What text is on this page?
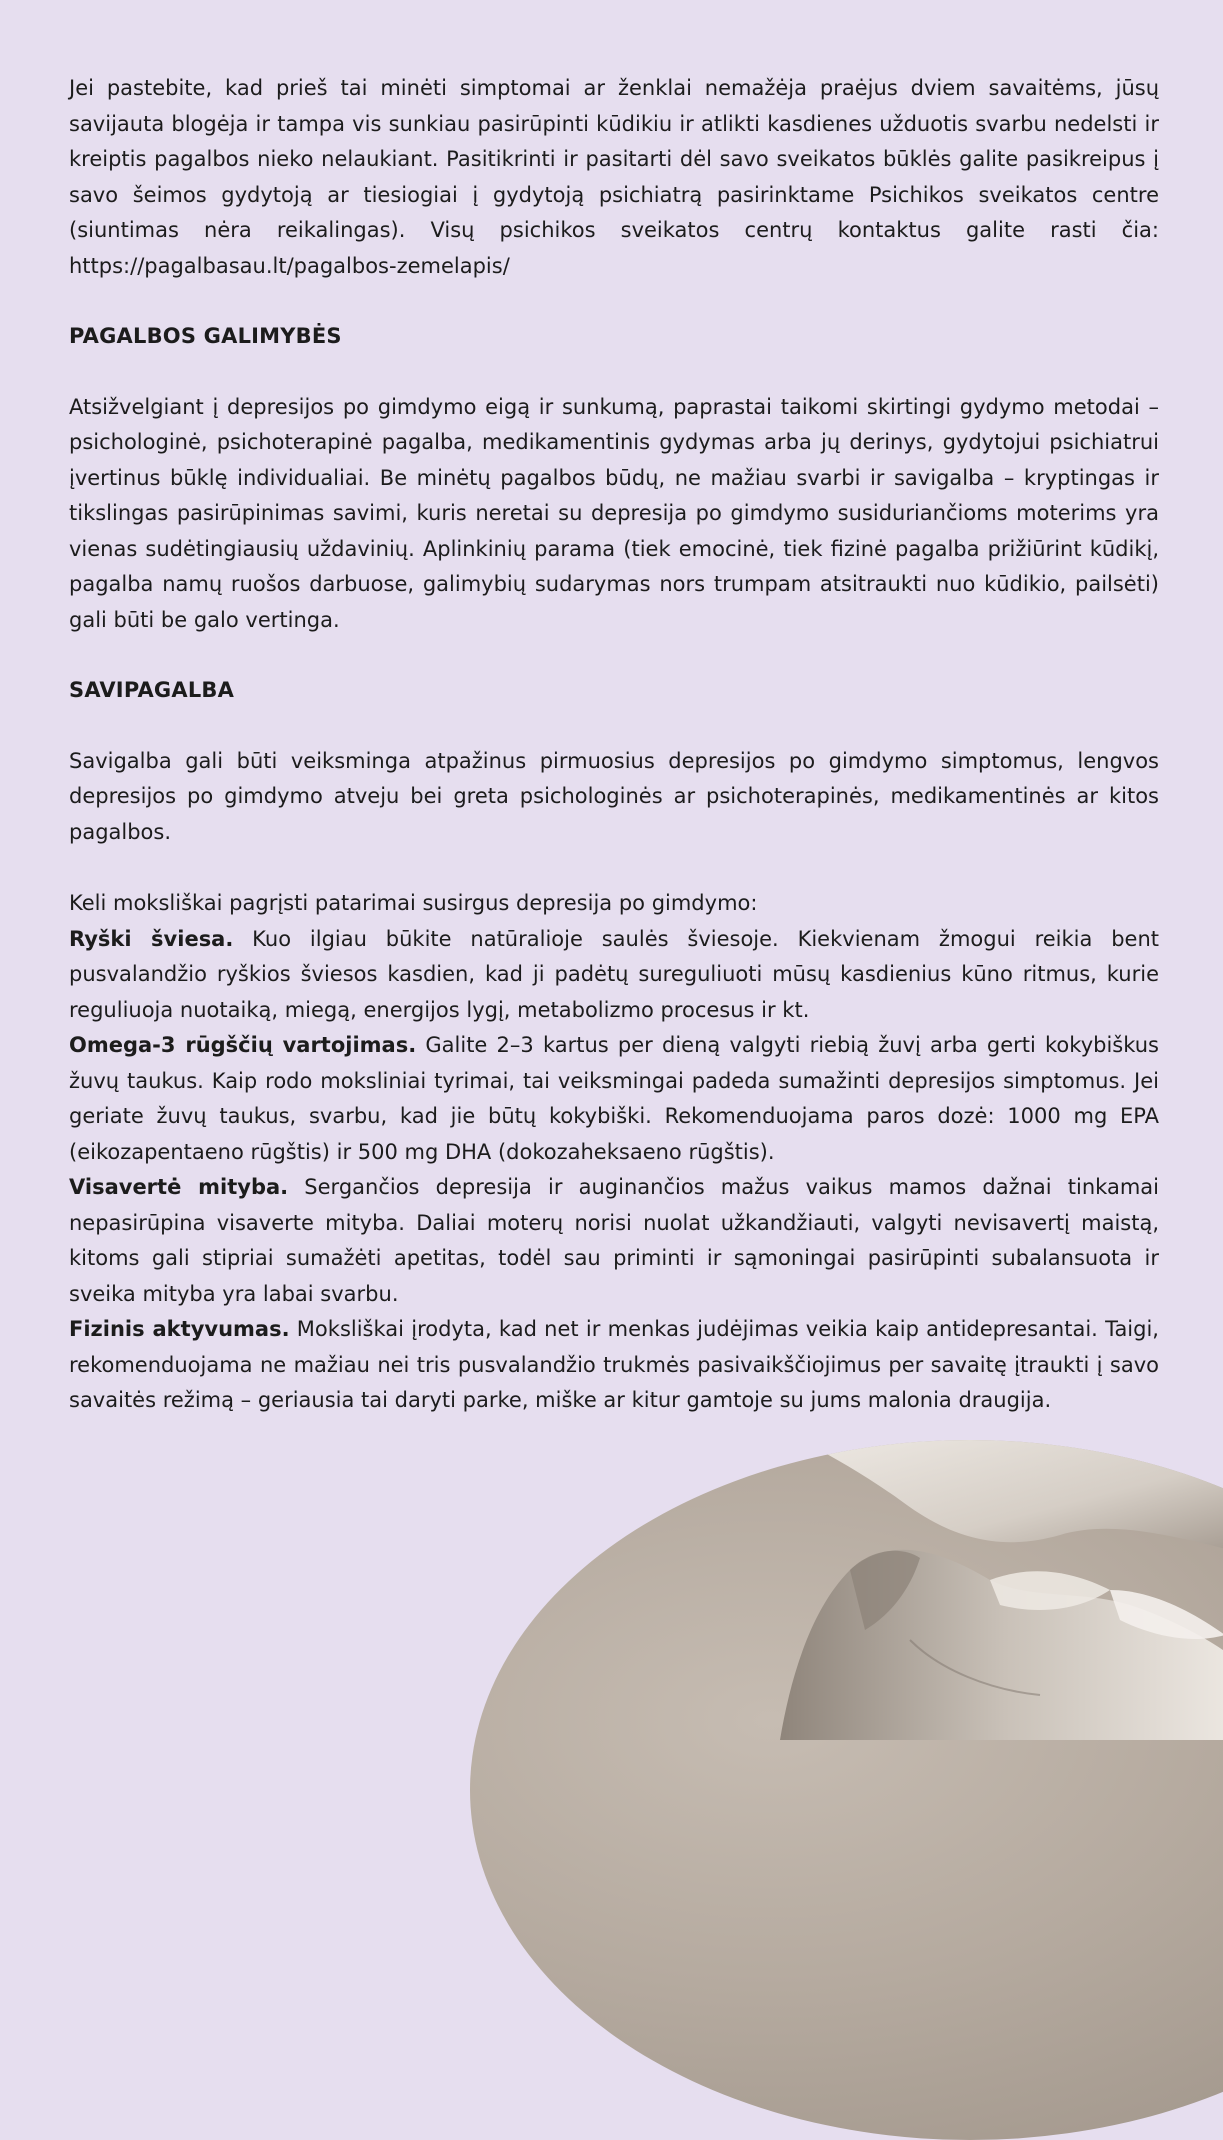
Jei pastebite, kad prieš tai minėti simptomai ar ženklai nemažėja praėjus dviem savaitėms, jūsų savijauta blogėja ir tampa vis sunkiau pasirūpinti kūdikiu ir atlikti kasdienes užduotis svarbu nedelsti ir kreiptis pagalbos nieko nelaukiant. Pasitikrinti ir pasitarti dėl savo sveikatos būklės galite pasikreipus į savo šeimos gydytoją ar tiesiogiai į gydytoją psichiatrą pasirinktame Psichikos sveikatos centre (siuntimas nėra reikalingas). Visų psichikos sveikatos centrų kontaktus galite rasti čia: https://pagalbasau.lt/pagalbos-zemelapis/

PAGALBOS GALIMYBĖS

Atsižvelgiant į depresijos po gimdymo eigą ir sunkumą, paprastai taikomi skirtingi gydymo metodai – psichologinė, psichoterapinė pagalba, medikamentinis gydymas arba jų derinys, gydytojui psichiatrui įvertinus būklę individualiai. Be minėtų pagalbos būdų, ne mažiau svarbi ir savigalba – kryptingas ir tikslingas pasirūpinimas savimi, kuris neretai su depresija po gimdymo susiduriančioms moterims yra vienas sudėtingiausių uždavinių. Aplinkinių parama (tiek emocinė, tiek fizinė pagalba prižiūrint kūdikį, pagalba namų ruošos darbuose, galimybių sudarymas nors trumpam atsitraukti nuo kūdikio, pailsėti) gali būti be galo vertinga.

SAVIPAGALBA

Savigalba gali būti veiksminga atpažinus pirmuosius depresijos po gimdymo simptomus, lengvos depresijos po gimdymo atveju bei greta psichologinės ar psichoterapinės, medikamentinės ar kitos pagalbos.

Keli moksliškai pagrįsti patarimai susirgus depresija po gimdymo:

Ryški šviesa. Kuo ilgiau būkite natūralioje saulės šviesoje. Kiekvienam žmogui reikia bent pusvalandžio ryškios šviesos kasdien, kad ji padėtų sureguliuoti mūsų kasdienius kūno ritmus, kurie reguliuoja nuotaiką, miegą, energijos lygį, metabolizmo procesus ir kt.

Omega-3 rūgščių vartojimas. Galite 2–3 kartus per dieną valgyti riebią žuvį arba gerti kokybiškus žuvų taukus. Kaip rodo moksliniai tyrimai, tai veiksmingai padeda sumažinti depresijos simptomus. Jei geriate žuvų taukus, svarbu, kad jie būtų kokybiški. Rekomenduojama paros dozė: 1000 mg EPA (eikozapentaeno rūgštis) ir 500 mg DHA (dokozaheksaeno rūgštis).

Visavertė mityba. Sergančios depresija ir auginančios mažus vaikus mamos dažnai tinkamai nepasirūpina visaverte mityba. Daliai moterų norisi nuolat užkandžiauti, valgyti nevisavertį maistą, kitoms gali stipriai sumažėti apetitas, todėl sau priminti ir sąmoningai pasirūpinti subalansuota ir sveika mityba yra labai svarbu.

Fizinis aktyvumas. Moksliškai įrodyta, kad net ir menkas judėjimas veikia kaip antidepresantai. Taigi, rekomenduojama ne mažiau nei tris pusvalandžio trukmės pasivaikščiojimus per savaitę įtraukti į savo savaitės režimą – geriausia tai daryti parke, miške ar kitur gamtoje su jums malonia draugija.
